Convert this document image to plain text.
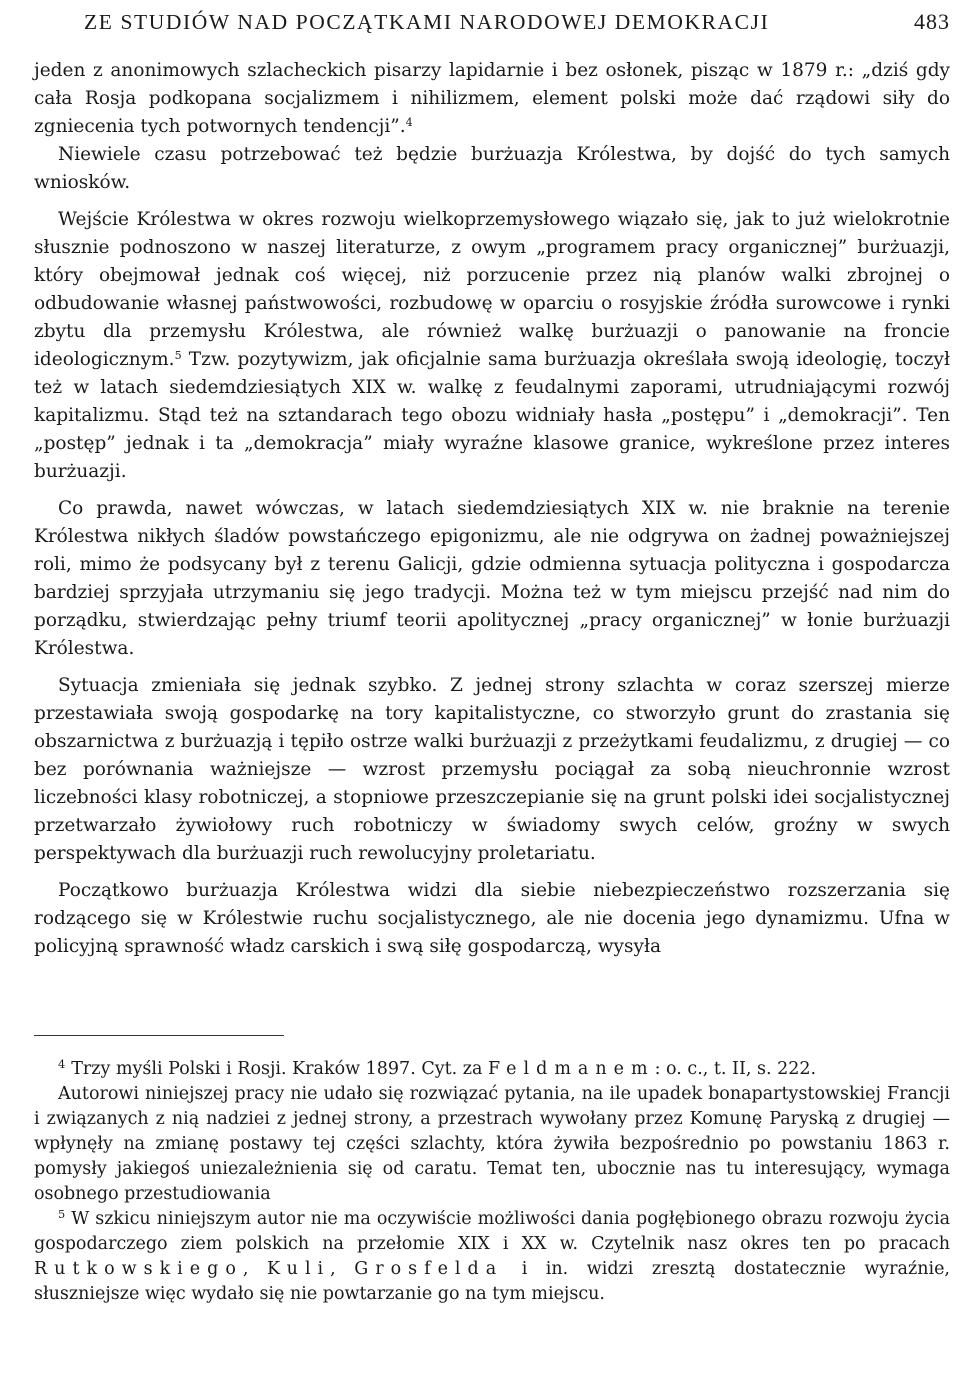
ZE STUDIÓW NAD POCZĄTKAMI NARODOWEJ DEMOKRACJI	483

jeden z anonimowych szlacheckich pisarzy lapidarnie i bez osłonek, pisząc w 1879 r.: „dziś gdy cała Rosja podkopana socjalizmem i nihilizmem, element polski może dać rządowi siły do zgniecenia tych potwornych tendencji”.$^4$

Niewiele czasu potrzebować też będzie burżuazja Królestwa, by dojść do tych samych wniosków.

Wejście Królestwa w okres rozwoju wielkoprzemysłowego wiązało się, jak to już wielokrotnie słusznie podnoszono w naszej literaturze, z owym „programem pracy organicznej” burżuazji, który obejmował jednak coś więcej, niż porzucenie przez nią planów walki zbrojnej o odbudowanie własnej państwowości, rozbudowę w oparciu o rosyjskie źródła surowcowe i rynki zbytu dla przemysłu Królestwa, ale również walkę burżuazji o panowanie na froncie ideologicznym.$^5$ Tzw. pozytywizm, jak oficjalnie sama burżuazja określała swoją ideologię, toczył też w latach siedemdziesiątych XIX w. walkę z feudalnymi zaporami, utrudniającymi rozwój kapitalizmu. Stąd też na sztandarach tego obozu widniały hasła „postępu” i „demokracji”. Ten „postęp” jednak i ta „demokracja” miały wyraźne klasowe granice, wykreślone przez interes burżuazji.

Co prawda, nawet wówczas, w latach siedemdziesiątych XIX w. nie braknie na terenie Królestwa nikłych śladów powstańczego epigonizmu, ale nie odgrywa on żadnej poważniejszej roli, mimo że podsycany był z terenu Galicji, gdzie odmienna sytuacja polityczna i gospodarcza bardziej sprzyjała utrzymaniu się jego tradycji. Można też w tym miejscu przejść nad nim do porządku, stwierdzając pełny triumf teorii apolitycznej „pracy organicznej” w łonie burżuazji Królestwa.

Sytuacja zmieniała się jednak szybko. Z jednej strony szlachta w coraz szerszej mierze przestawiała swoją gospodarkę na tory kapitalistyczne, co stworzyło grunt do zrastania się obszarnictwa z burżuazją i tępiło ostrze walki burżuazji z przeżytkami feudalizmu, z drugiej — co bez porównania ważniejsze — wzrost przemysłu pociągał za sobą nieuchronnie wzrost liczebności klasy robotniczej, a stopniowe przeszczepianie się na grunt polski idei socjalistycznej przetwarzało żywiołowy ruch robotniczy w świadomy swych celów, groźny w swych perspektywach dla burżuazji ruch rewolucyjny proletariatu.

Początkowo burżuazja Królestwa widzi dla siebie niebezpieczeństwo rozszerzania się rodzącego się w Królestwie ruchu socjalistycznego, ale nie docenia jego dynamizmu. Ufna w policyjną sprawność władz carskich i swą siłę gospodarczą, wysyła

$^4$ Trzy myśli Polski i Rosji. Kraków 1897. Cyt. za Feldmanem: o. c., t. II, s. 222.

Autorowi niniejszej pracy nie udało się rozwiązać pytania, na ile upadek bonapartystowskiej Francji i związanych z nią nadziei z jednej strony, a przestrach wywołany przez Komunę Paryską z drugiej — wpłynęły na zmianę postawy tej części szlachty, która żywiła bezpośrednio po powstaniu 1863 r. pomysły jakiegoś uniezależnienia się od caratu. Temat ten, ubocznie nas tu interesujący, wymaga osobnego przestudiowania

$^5$ W szkicu niniejszym autor nie ma oczywiście możliwości dania pogłębionego obrazu rozwoju życia gospodarczego ziem polskich na przełomie XIX i XX w. Czytelnik nasz okres ten po pracach Rutkowskiego, Kuli, Grosfelda i in. widzi zresztą dostatecznie wyraźnie, słuszniejsze więc wydało się nie powtarzanie go na tym miejscu.
